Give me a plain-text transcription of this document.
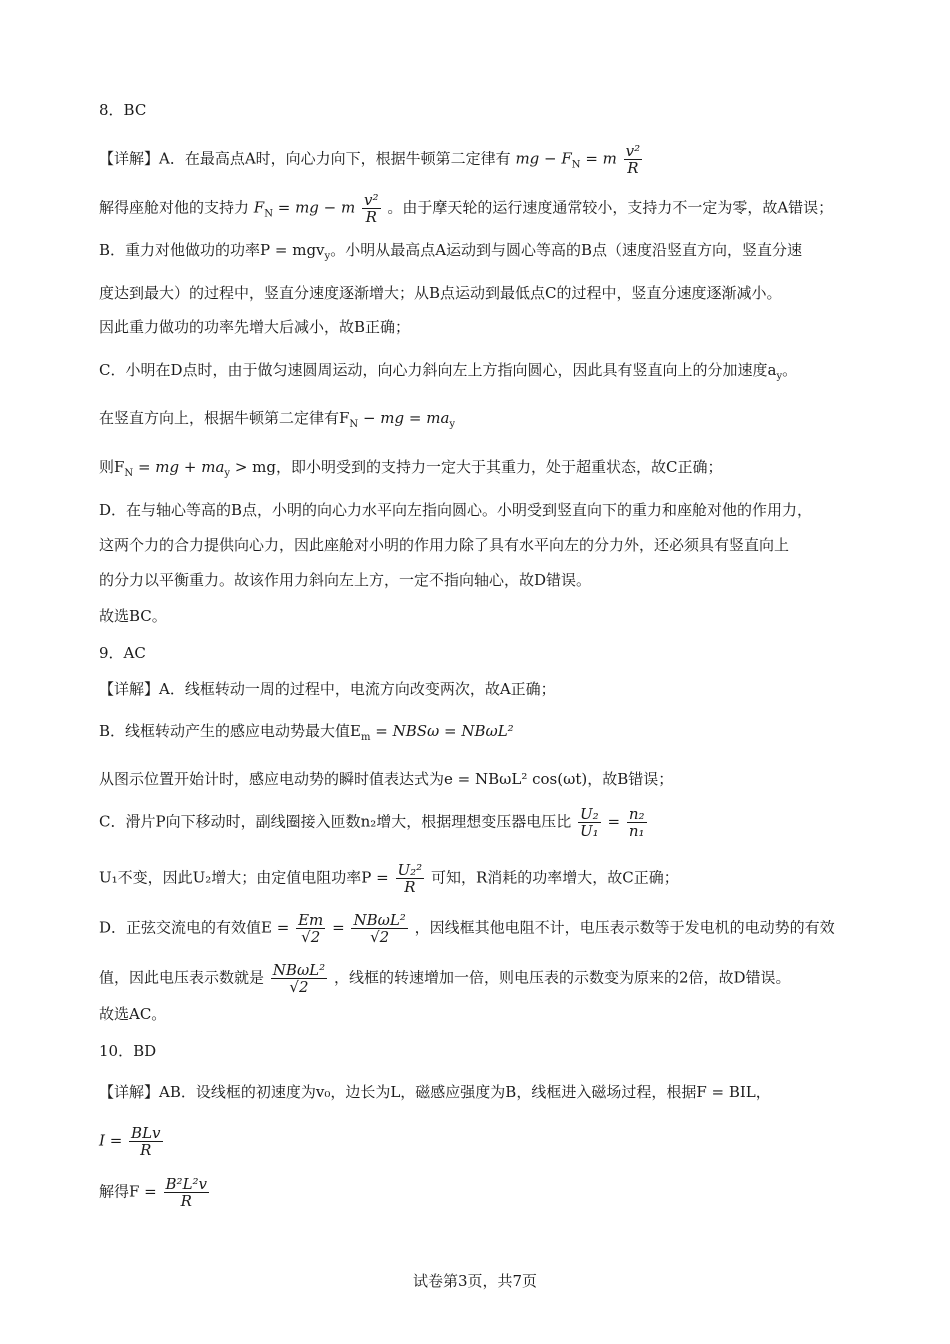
8．BC
【详解】A．在最高点A时，向心力向下，根据牛顿第二定律有 mg − $F_N = m \frac{\text{v²}}{R}$
解得座舱对他的支持力 $F_N$ = mg − m $\frac{\text{v²}}{R}$ 。由于摩天轮的运行速度通常较小，支持力不一定为零，故A错误；
B．重力对他做功的功率P = mgv$_y$。小明从最高点A运动到与圆心等高的B点（速度沿竖直方向，竖直分速
度达到最大）的过程中，竖直分速度逐渐增大；从B点运动到最低点C的过程中，竖直分速度逐渐减小。
因此重力做功的功率先增大后减小，故B正确；
C．小明在D点时，由于做匀速圆周运动，向心力斜向左上方指向圆心，因此具有竖直向上的分加速度$a_y$。
在竖直方向上，根据牛顿第二定律有$F_N$ − mg = $ma_y$
则$F_N$ = mg + $ma_y$ > mg，即小明受到的支持力一定大于其重力，处于超重状态，故C正确；
D．在与轴心等高的B点，小明的向心力水平向左指向圆心。小明受到竖直向下的重力和座舱对他的作用力，
这两个力的合力提供向心力，因此座舱对小明的作用力除了具有水平向左的分力外，还必须具有竖直向上
的分力以平衡重力。故该作用力斜向左上方，一定不指向轴心，故D错误。
故选BC。
9．AC
【详解】A．线框转动一周的过程中，电流方向改变两次，故A正确；
B．线框转动产生的感应电动势最大值$E_m = NBS\omega = NB\omega L^2$
从图示位置开始计时，感应电动势的瞬时值表达式为e = NBωL² cos(ωt)，故B错误；
C．滑片P向下移动时，副线圈接入匝数n₂增大，根据理想变压器电压比 $\frac{\text{U₂}}{\text{U₁}} = \frac{\text{n₂}}{\text{n₁}}$
U₁不变，因此U₂增大；由定值电阻功率$P = \frac{\text{U₂²}}{R}$ 可知，R消耗的功率增大，故C正确；
D．正弦交流电的有效值$E = \frac{Em}{√2} = \frac{\text{NBωL²}}{√2}$ ，因线框其他电阻不计，电压表示数等于发电机的电动势的有效
值，因此电压表示数就是 $\frac{\text{NBωL²}}{√2}$ ，线框的转速增加一倍，则电压表的示数变为原来的2倍，故D错误。
故选AC。
10．BD
【详解】AB．设线框的初速度为v₀，边长为L，磁感应强度为B，线框进入磁场过程，根据F = BIL，
$I = \frac{\text{BLv}}{R}$
解得$F = \frac{\text{B²L²v}}{R}$
试卷第3页，共7页
